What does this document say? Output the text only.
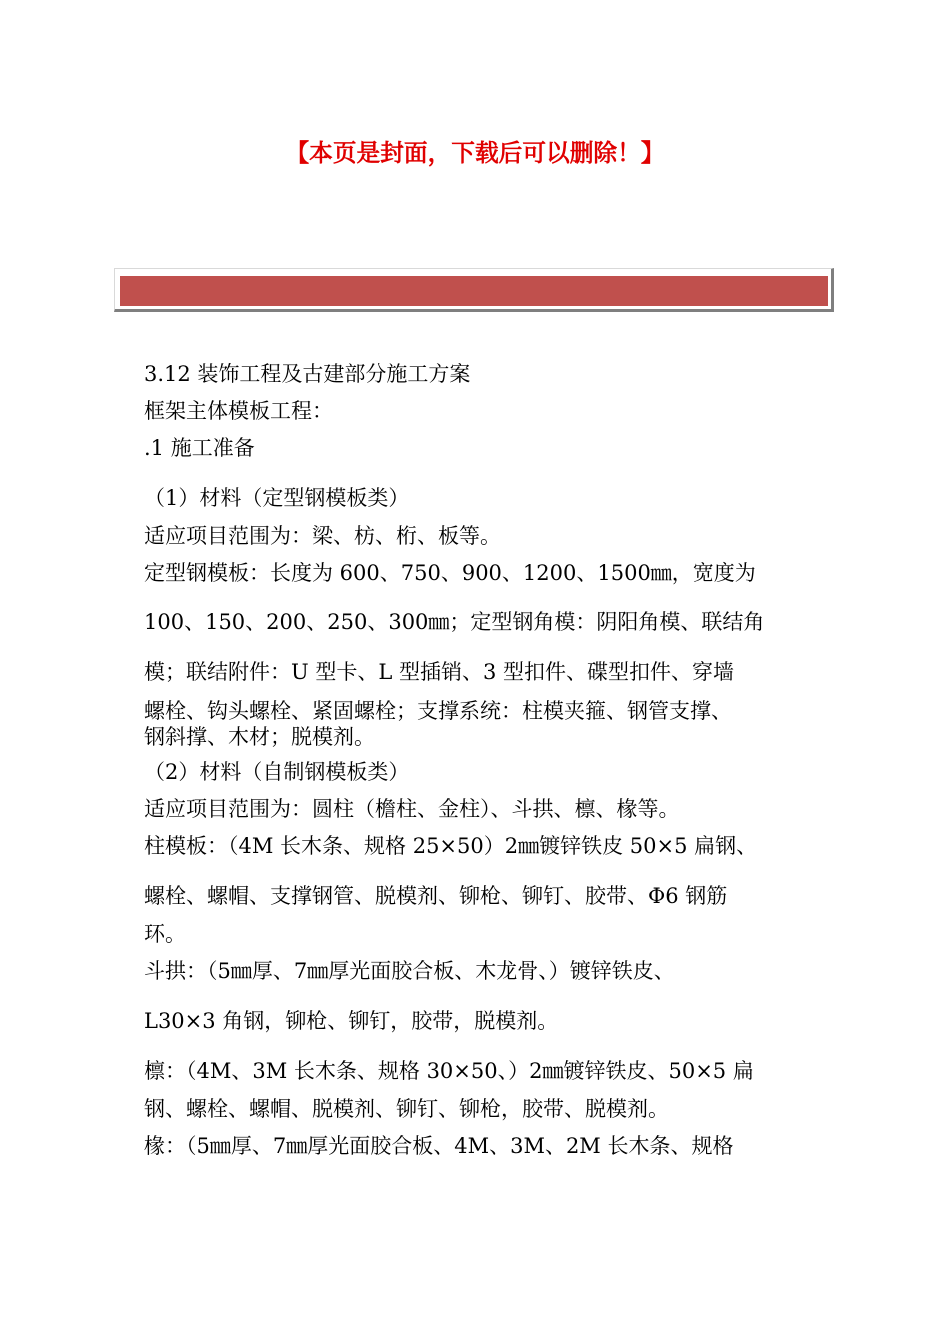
【本页是封面，下载后可以删除！】
3.12 装饰工程及古建部分施工方案
框架主体模板工程：
.1 施工准备
（1）材料（定型钢模板类）
适应项目范围为：梁、枋、桁、板等。
定型钢模板：长度为 600、750、900、1200、1500㎜，宽度为
100、150、200、250、300㎜；定型钢角模：阴阳角模、联结角
模；联结附件：U 型卡、L 型插销、3 型扣件、碟型扣件、穿墙
螺栓、钩头螺栓、紧固螺栓；支撑系统：柱模夹箍、钢管支撑、
钢斜撑、木材；脱模剂。
（2）材料（自制钢模板类）
适应项目范围为：圆柱（檐柱、金柱）、斗拱、檩、椽等。
柱模板：（4M 长木条、规格 25×50）2㎜镀锌铁皮 50×5 扁钢、
螺栓、螺帽、支撑钢管、脱模剂、铆枪、铆钉、胶带、Φ6 钢筋
环。
斗拱：（5㎜厚、7㎜厚光面胶合板、木龙骨、）镀锌铁皮、
L30×3 角钢，铆枪、铆钉，胶带，脱模剂。
檩：（4M、3M 长木条、规格 30×50、）2㎜镀锌铁皮、50×5 扁
钢、螺栓、螺帽、脱模剂、铆钉、铆枪，胶带、脱模剂。
椽：（5㎜厚、7㎜厚光面胶合板、4M、3M、2M 长木条、规格
